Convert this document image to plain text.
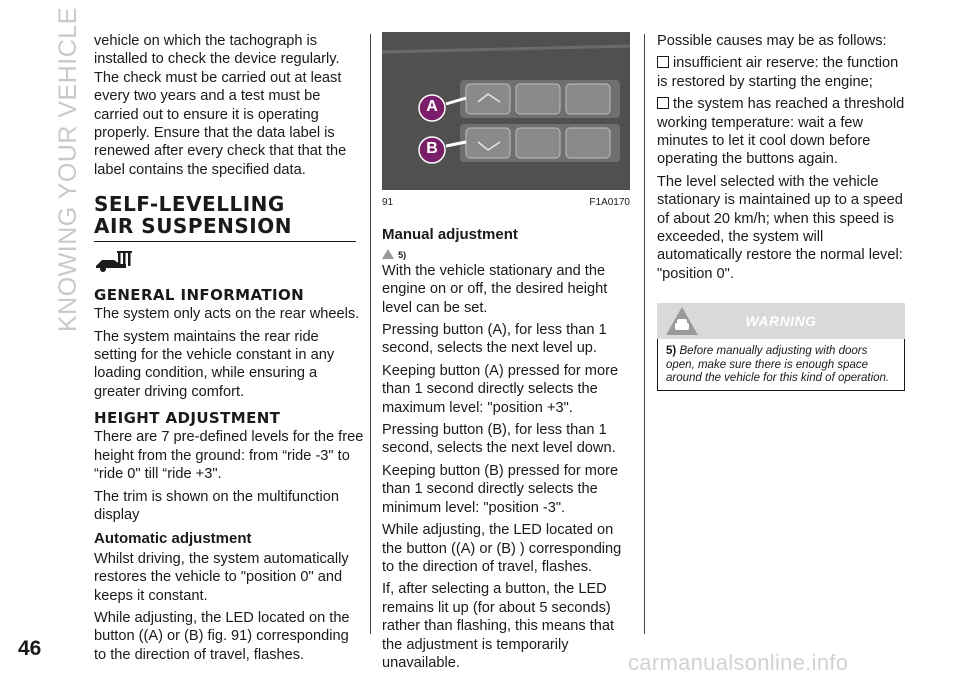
KNOWING YOUR VEHICLE vehicle on which the tachograph is installed to check the device regularly. The check must be carried out at least every two years and a test must be carried out to ensure it is operating properly. Ensure that the data label is renewed after every check that that the label contains the specified data.

SELF-LEVELLING
AIR SUSPENSION
GENERAL INFORMATION

The system only acts on the rear wheels.

The system maintains the rear ride setting for the vehicle constant in any loading condition, while ensuring a greater driving comfort.

HEIGHT ADJUSTMENT

There are 7 pre-defined levels for the free height from the ground: from “ride -3" to “ride 0" till “ride +3".

The trim is shown on the multifunction display

Automatic adjustment

Whilst driving, the system automatically restores the vehicle to "position 0" and keeps it constant.

While adjusting, the LED located on the button ((A) or (B) fig. 91) corresponding to the direction of travel, flashes.

A
B
91	F1A0170
Manual adjustment
$^{5)}$

With the vehicle stationary and the engine on or off, the desired height level can be set.

Pressing button (A), for less than 1 second, selects the next level up.

Keeping button (A) pressed for more than 1 second directly selects the maximum level: "position +3".

Pressing button (B), for less than 1 second, selects the next level down.

Keeping button (B) pressed for more than 1 second directly selects the minimum level: "position -3".

While adjusting, the LED located on the button ((A) or (B) ) corresponding to the direction of travel, flashes.

If, after selecting a button, the LED remains lit up (for about 5 seconds) rather than flashing, this means that the adjustment is temporarily unavailable.

Possible causes may be as follows:

insufficient air reserve: the function is restored by starting the engine;

the system has reached a threshold working temperature: wait a few minutes to let it cool down before operating the buttons again.

The level selected with the vehicle stationary is maintained up to a speed of about 20 km/h; when this speed is exceeded, the system will automatically restore the normal level: "position 0".

WARNING
5) Before manually adjusting with doors open, make sure there is enough space around the vehicle for this kind of operation.
46
carmanualsonline.info
